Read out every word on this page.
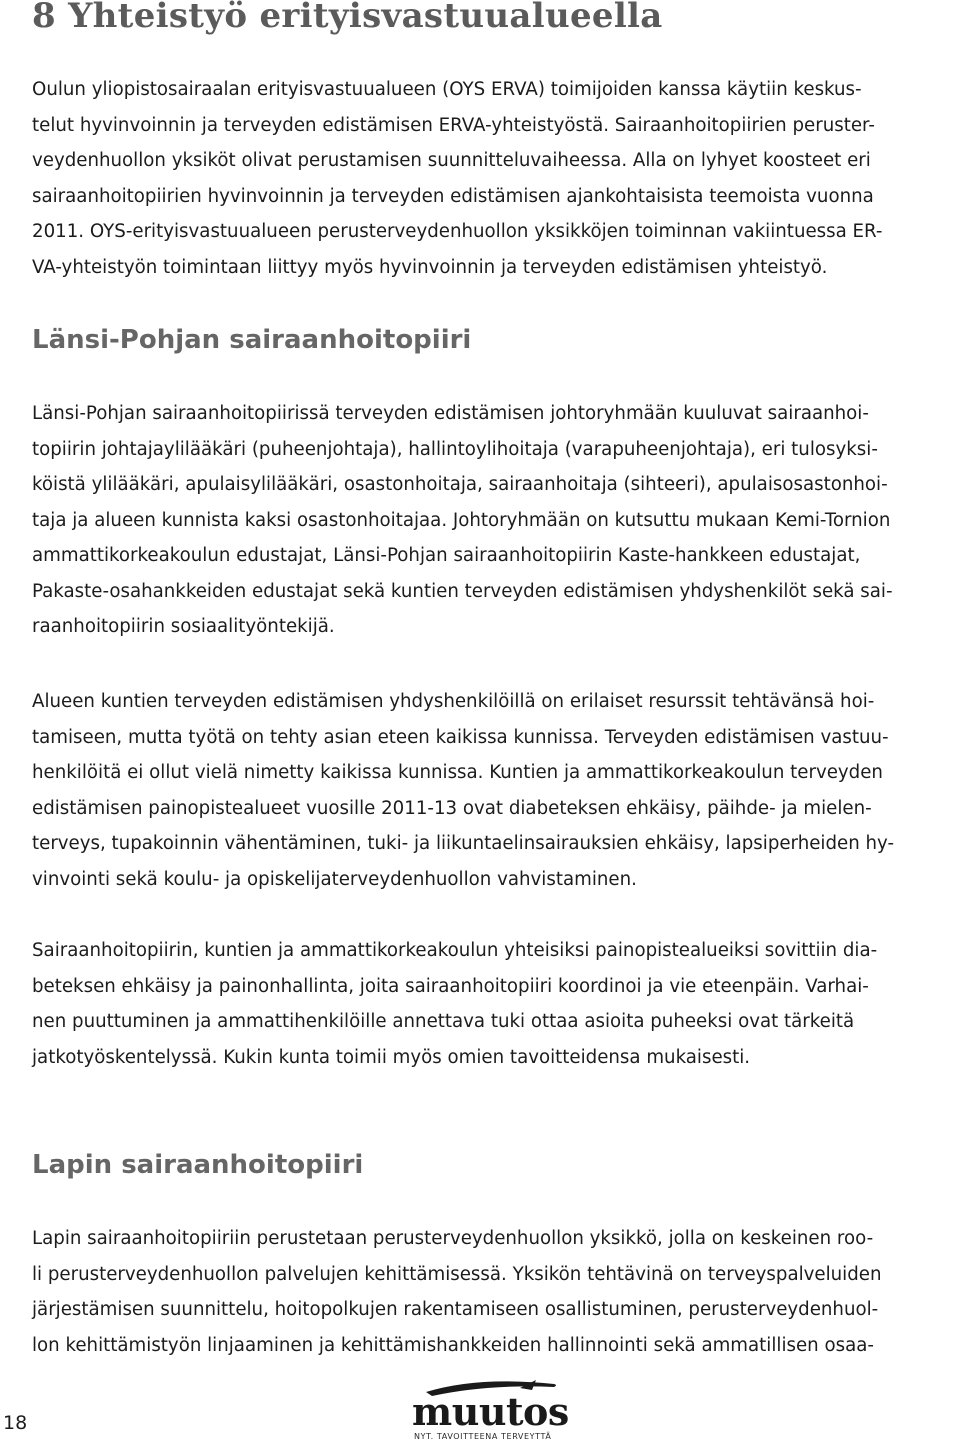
8 Yhteistyö erityisvastuualueella
Oulun yliopistosairaalan erityisvastuualueen (OYS ERVA) toimijoiden kanssa käytiin keskus-
telut hyvinvoinnin ja terveyden edistämisen ERVA-yhteistyöstä. Sairaanhoitopiirien peruster-
veydenhuollon yksiköt olivat perustamisen suunnitteluvaiheessa. Alla on lyhyet koosteet eri
sairaanhoitopiirien hyvinvoinnin ja terveyden edistämisen ajankohtaisista teemoista vuonna
2011. OYS-erityisvastuualueen perusterveydenhuollon yksikköjen toiminnan vakiintuessa ER-
VA-yhteistyön toimintaan liittyy myös hyvinvoinnin ja terveyden edistämisen yhteistyö.
Länsi-Pohjan sairaanhoitopiiri
Länsi-Pohjan sairaanhoitopiirissä terveyden edistämisen johtoryhmään kuuluvat sairaanhoi-
topiirin johtajaylilääkäri (puheenjohtaja), hallintoylihoitaja (varapuheenjohtaja), eri tulosyksi-
köistä ylilääkäri, apulaisylilääkäri, osastonhoitaja, sairaanhoitaja (sihteeri), apulaisosastonhoi-
taja ja alueen kunnista kaksi osastonhoitajaa. Johtoryhmään on kutsuttu mukaan Kemi-Tornion
ammattikorkeakoulun edustajat, Länsi-Pohjan sairaanhoitopiirin Kaste-hankkeen edustajat,
Pakaste-osahankkeiden edustajat sekä kuntien terveyden edistämisen yhdyshenkilöt sekä sai-
raanhoitopiirin sosiaalityöntekijä.
Alueen kuntien terveyden edistämisen yhdyshenkilöillä on erilaiset resurssit tehtävänsä hoi-
tamiseen, mutta työtä on tehty asian eteen kaikissa kunnissa. Terveyden edistämisen vastuu-
henkilöitä ei ollut vielä nimetty kaikissa kunnissa. Kuntien ja ammattikorkeakoulun terveyden
edistämisen painopistealueet vuosille 2011-13 ovat diabeteksen ehkäisy, päihde- ja mielen-
terveys, tupakoinnin vähentäminen, tuki- ja liikuntaelinsairauksien ehkäisy, lapsiperheiden hy-
vinvointi sekä koulu- ja opiskelijaterveydenhuollon vahvistaminen.
Sairaanhoitopiirin, kuntien ja ammattikorkeakoulun yhteisiksi painopistealueiksi sovittiin dia-
beteksen ehkäisy ja painonhallinta, joita sairaanhoitopiiri koordinoi ja vie eteenpäin. Varhai-
nen puuttuminen ja ammattihenkilöille annettava tuki ottaa asioita puheeksi ovat tärkeitä
jatkotyöskentelyssä. Kukin kunta toimii myös omien tavoitteidensa mukaisesti.
Lapin sairaanhoitopiiri
Lapin sairaanhoitopiiriin perustetaan perusterveydenhuollon yksikkö, jolla on keskeinen roo-
li perusterveydenhuollon palvelujen kehittämisessä. Yksikön tehtävinä on terveyspalveluiden
järjestämisen suunnittelu, hoitopolkujen rakentamiseen osallistuminen, perusterveydenhuol-
lon kehittämistyön linjaaminen ja kehittämishankkeiden hallinnointi sekä ammatillisen osaa-
18	muutos
NYT. TAVOITTEENA TERVEYTTÄ
